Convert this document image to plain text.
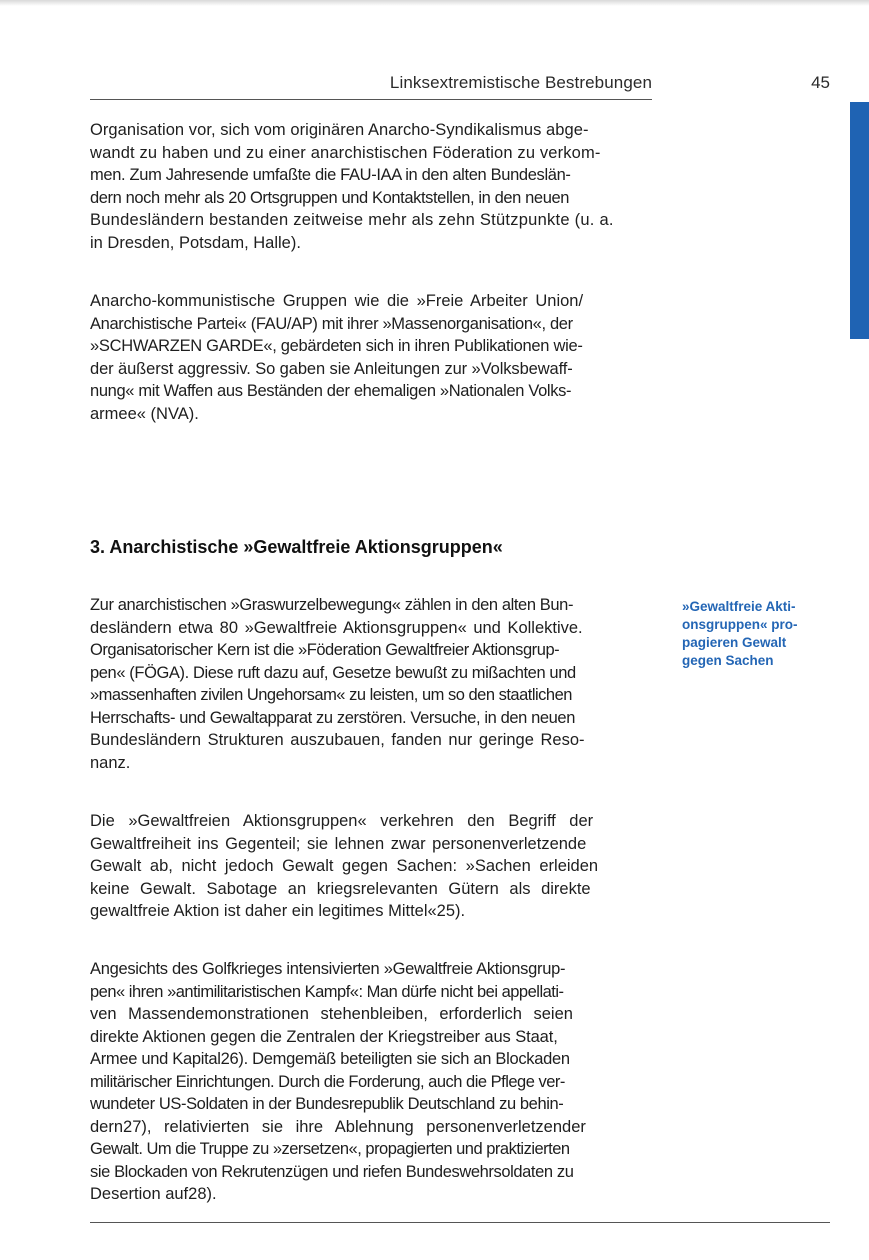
Linksextremistische Bestrebungen	45

Organisation vor, sich vom originären Anarcho-Syndikalismus abge-
wandt zu haben und zu einer anarchistischen Föderation zu verkom-
men. Zum Jahresende umfaßte die FAU-IAA in den alten Bundeslän-
dern noch mehr als 20 Ortsgruppen und Kontaktstellen, in den neuen
Bundesländern bestanden zeitweise mehr als zehn Stützpunkte (u. a.
in Dresden, Potsdam, Halle).

Anarcho-kommunistische Gruppen wie die »Freie Arbeiter Union/
Anarchistische Partei« (FAU/AP) mit ihrer »Massenorganisation«, der
»SCHWARZEN GARDE«, gebärdeten sich in ihren Publikationen wie-
der äußerst aggressiv. So gaben sie Anleitungen zur »Volksbewaff-
nung« mit Waffen aus Beständen der ehemaligen »Nationalen Volks-
armee« (NVA).

3. Anarchistische »Gewaltfreie Aktionsgruppen«

»Gewaltfreie Akti-
onsgruppen« pro-
pagieren Gewalt
gegen Sachen

Zur anarchistischen »Graswurzelbewegung« zählen in den alten Bun-
desländern etwa 80 »Gewaltfreie Aktionsgruppen« und Kollektive.
Organisatorischer Kern ist die »Föderation Gewaltfreier Aktionsgrup-
pen« (FÖGA). Diese ruft dazu auf, Gesetze bewußt zu mißachten und
»massenhaften zivilen Ungehorsam« zu leisten, um so den staatlichen
Herrschafts- und Gewaltapparat zu zerstören. Versuche, in den neuen
Bundesländern Strukturen auszubauen, fanden nur geringe Reso-
nanz.

Die »Gewaltfreien Aktionsgruppen« verkehren den Begriff der
Gewaltfreiheit ins Gegenteil; sie lehnen zwar personenverletzende
Gewalt ab, nicht jedoch Gewalt gegen Sachen: »Sachen erleiden
keine Gewalt. Sabotage an kriegsrelevanten Gütern als direkte
gewaltfreie Aktion ist daher ein legitimes Mittel«25).

Angesichts des Golfkrieges intensivierten »Gewaltfreie Aktionsgrup-
pen« ihren »antimilitaristischen Kampf«: Man dürfe nicht bei appellati-
ven Massendemonstrationen stehenbleiben, erforderlich seien
direkte Aktionen gegen die Zentralen der Kriegstreiber aus Staat,
Armee und Kapital26). Demgemäß beteiligten sie sich an Blockaden
militärischer Einrichtungen. Durch die Forderung, auch die Pflege ver-
wundeter US-Soldaten in der Bundesrepublik Deutschland zu behin-
dern27), relativierten sie ihre Ablehnung personenverletzender
Gewalt. Um die Truppe zu »zersetzen«, propagierten und praktizierten
sie Blockaden von Rekrutenzügen und riefen Bundeswehrsoldaten zu
Desertion auf28).
